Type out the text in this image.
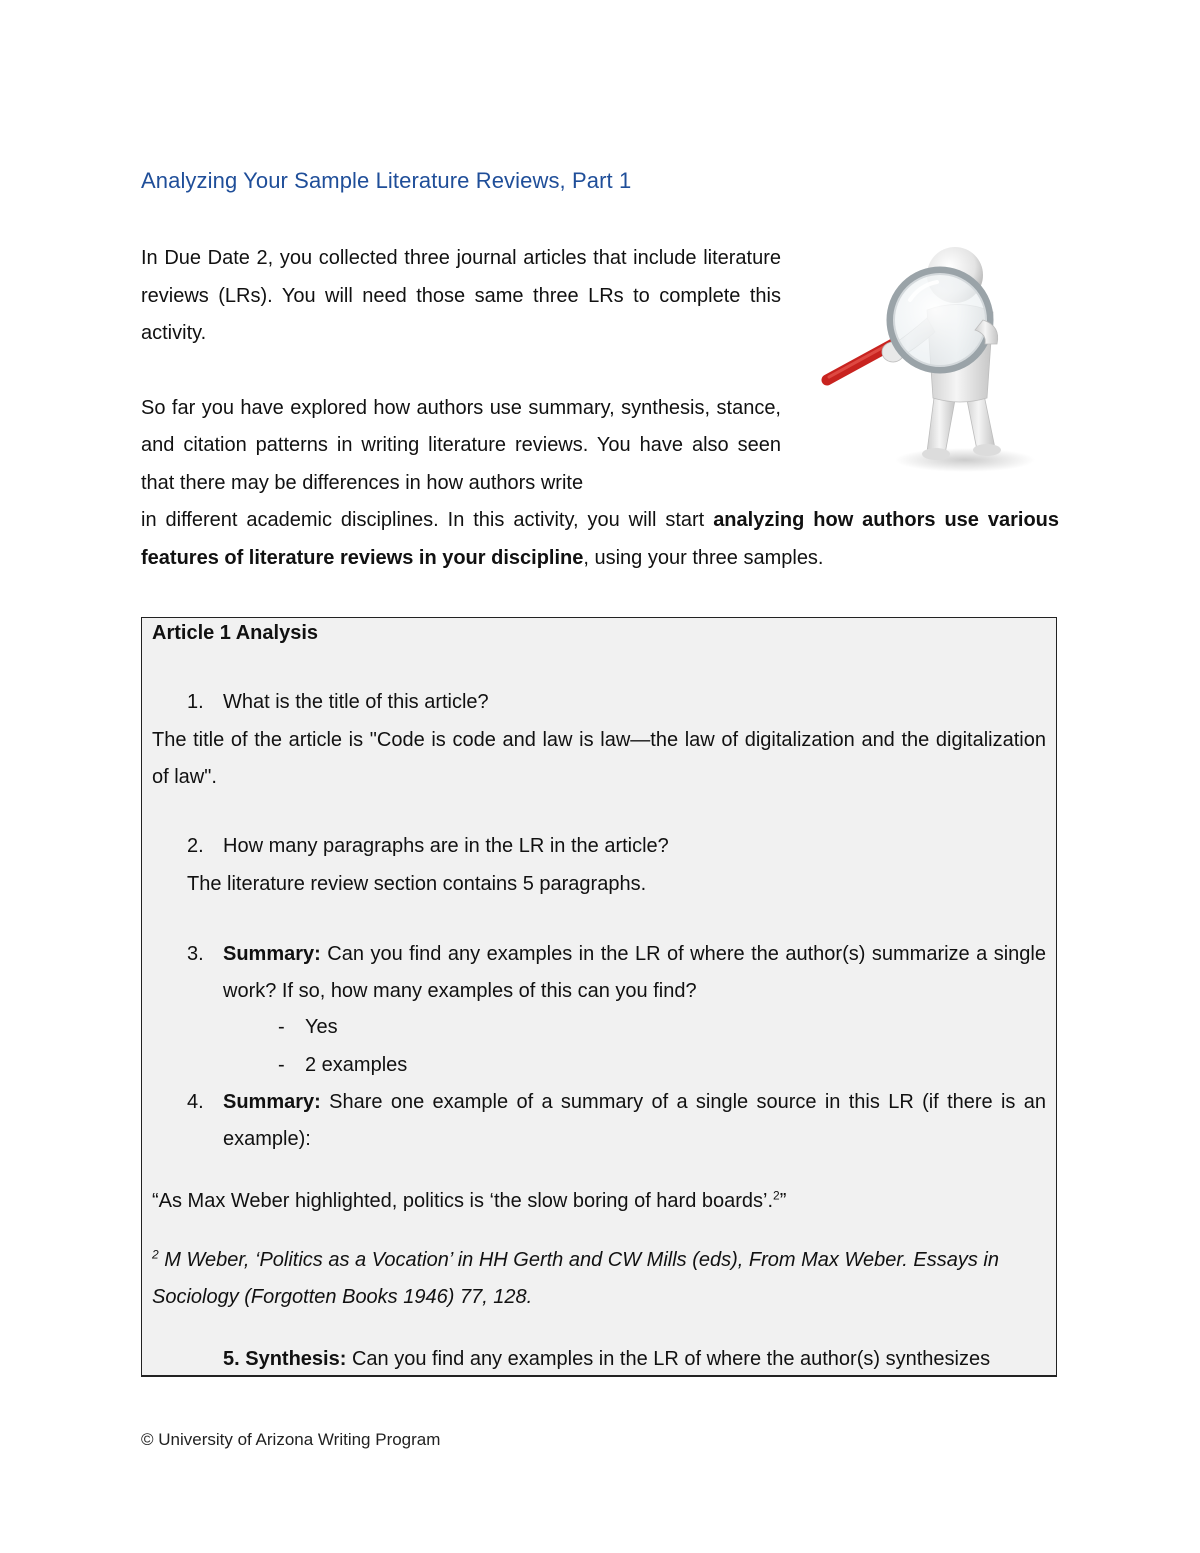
Analyzing Your Sample Literature Reviews, Part 1

In Due Date 2, you collected three journal articles that include literature reviews (LRs). You will need those same three LRs to complete this activity.

So far you have explored how authors use summary, synthesis, stance, and citation patterns in writing literature reviews. You have also seen that there may be differences in how authors write

in different academic disciplines. In this activity, you will start analyzing how authors use various features of literature reviews in your discipline, using your three samples.

Article 1 Analysis
1. What is the title of this article?
The title of the article is "Code is code and law is law—the law of digitalization and the digitalization of law".
2. How many paragraphs are in the LR in the article?
The literature review section contains 5 paragraphs.
3. Summary: Can you find any examples in the LR of where the author(s) summarize a single work? If so, how many examples of this can you find?
- Yes
- 2 examples
4. Summary: Share one example of a summary of a single source in this LR (if there is an example):
“As Max Weber highlighted, politics is ‘the slow boring of hard boards’.$^2$”
$^2$ M Weber, ‘Politics as a Vocation’ in HH Gerth and CW Mills (eds), From Max Weber. Essays in Sociology (Forgotten Books 1946) 77, 128.
5. Synthesis: Can you find any examples in the LR of where the author(s) synthesizes
© University of Arizona Writing Program
